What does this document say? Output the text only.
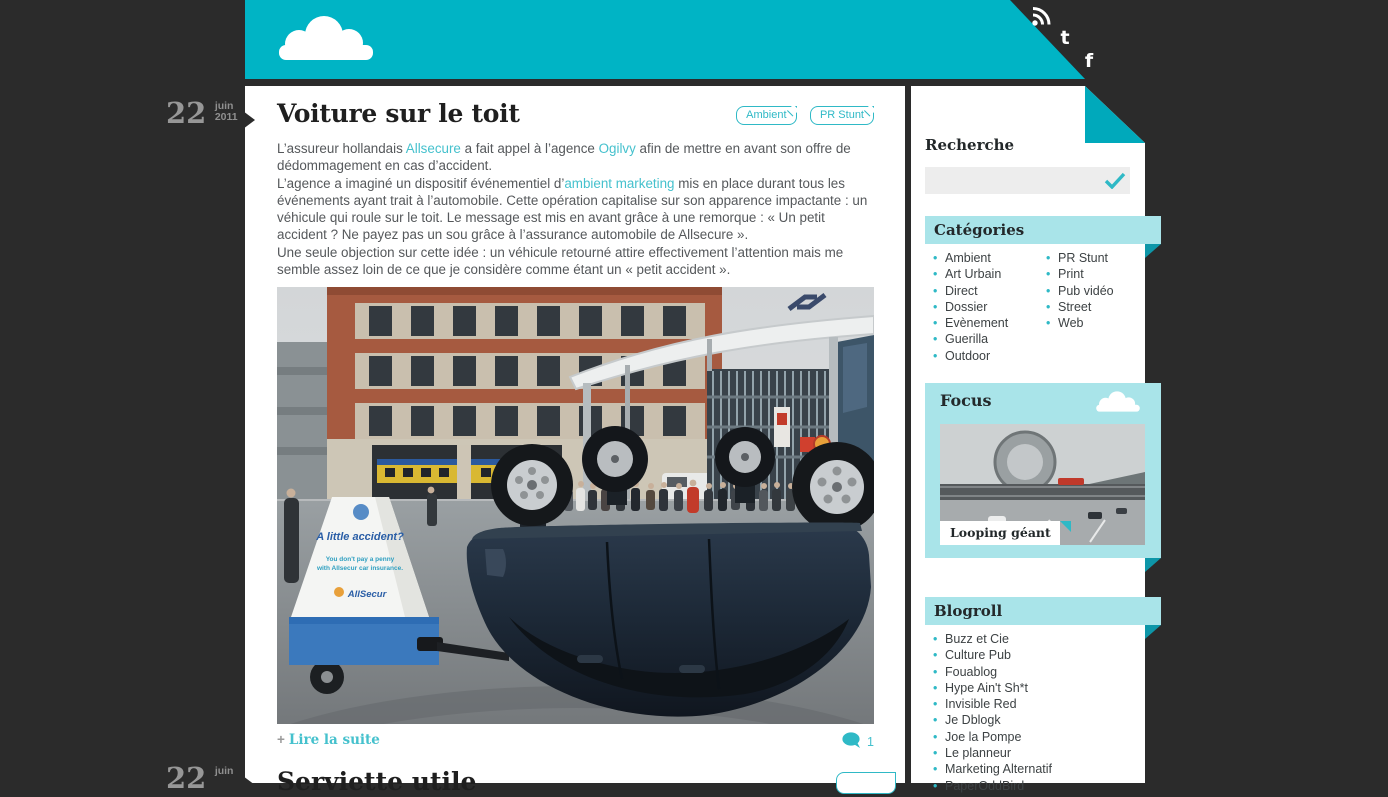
t
f
22 juin
2011 Voiture sur le toit	Ambient	PR Stunt

L’assureur hollandais Allsecure a fait appel à l’agence Ogilvy afin de mettre en avant son offre de dédommagement en cas d’accident.

L’agence a imaginé un dispositif événementiel d’ambient marketing mis en place durant tous les événements ayant trait à l’automobile. Cette opération capitalise sur son apparence impactante : un véhicule qui roule sur le toit. Le message est mis en avant grâce à une remorque : « Un petit accident ? Ne payez pas un sou grâce à l’assurance automobile de Allsecure ».

Une seule objection sur cette idée : un véhicule retourné attire effectivement l’attention mais me semble assez loin de ce que je considère comme étant un « petit accident ».

A little accident?
You don't pay a penny
with Allsecur car insurance.
AllSecur
+ Lire la suite	1
22 juin Serviette utile
Recherche
Catégories
• Ambient
• Art Urbain
• Direct
• Dossier
• Evènement
• Guerilla
• Outdoor
• PR Stunt
• Print
• Pub vidéo
• Street
• Web
Focus
Looping géant
Blogroll
• Buzz et Cie
• Culture Pub
• Fouablog
• Hype Ain't Sh*t
• Invisible Red
• Je Dblogk
• Joe la Pompe
• Le planneur
• Marketing Alternatif
• PaperOddBird
